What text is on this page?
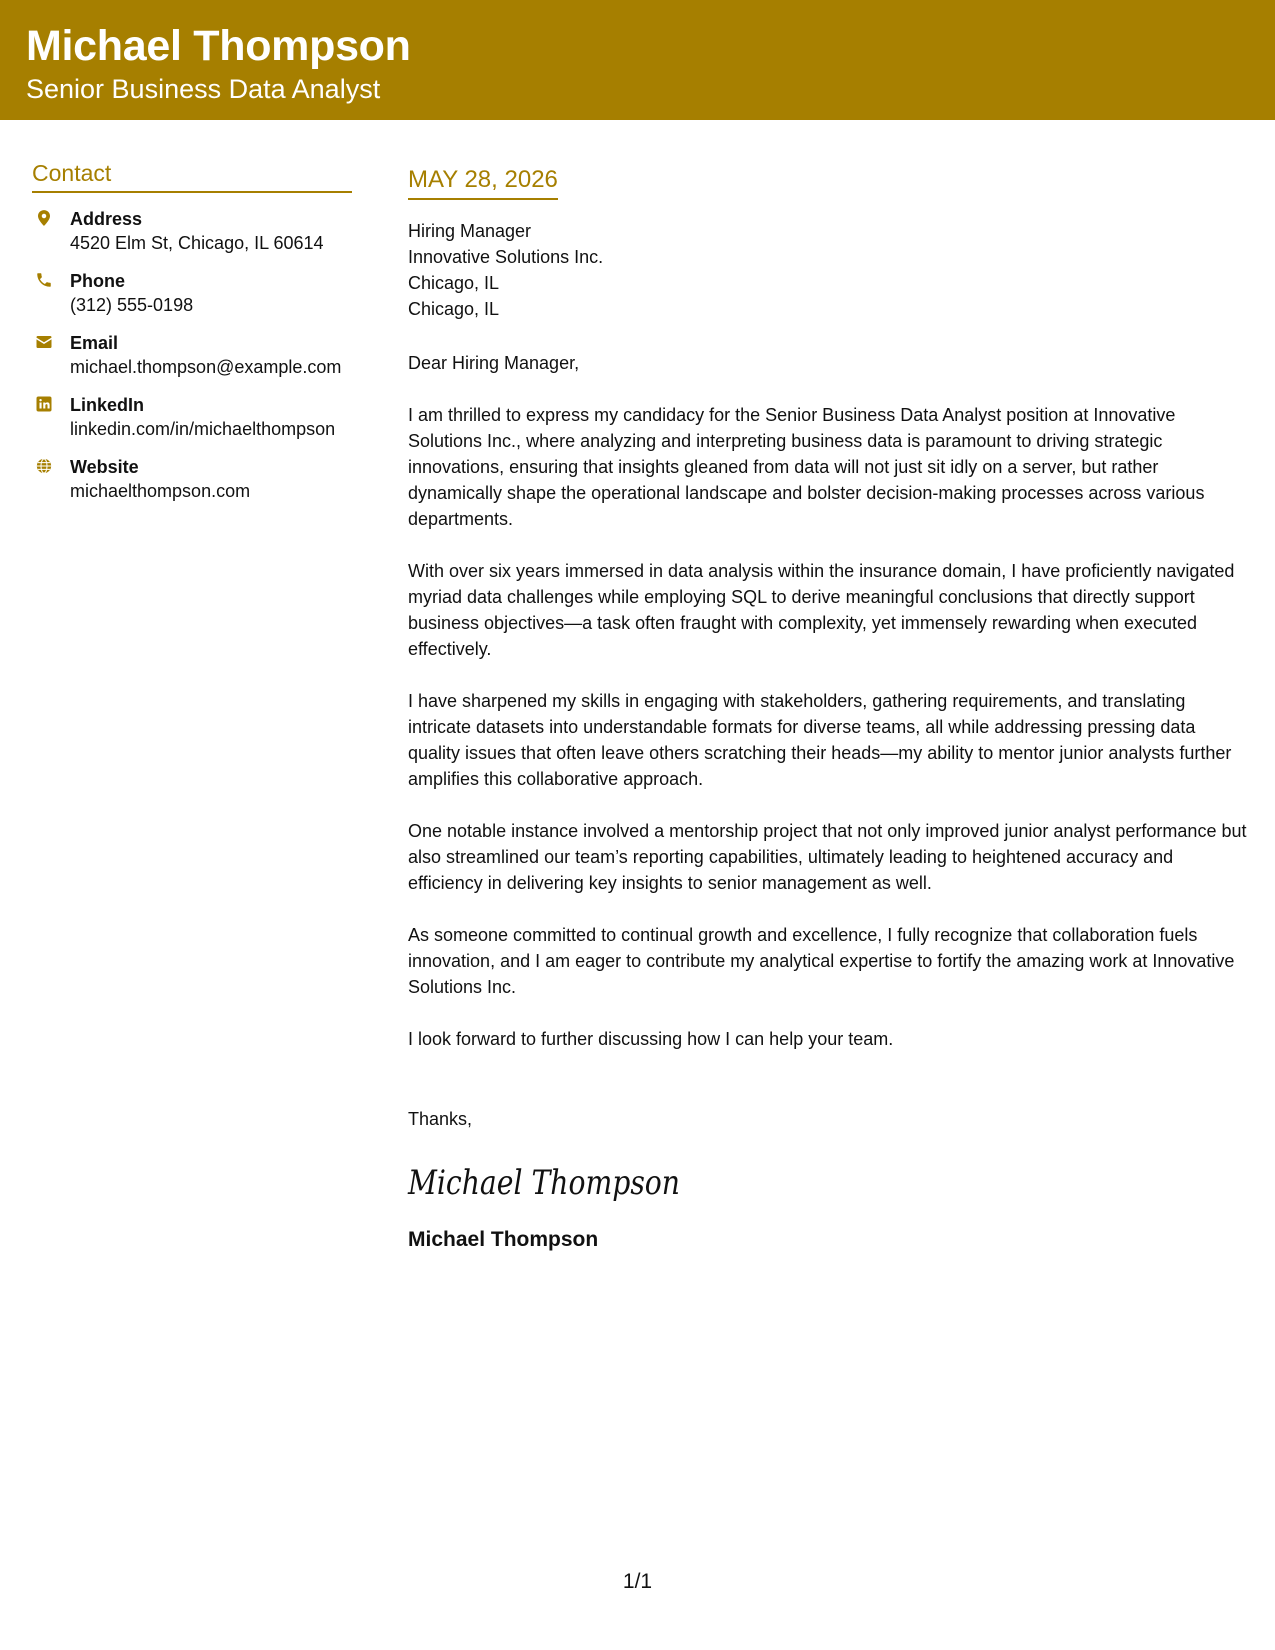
Michael Thompson
Senior Business Data Analyst
Contact
Address
4520 Elm St, Chicago, IL 60614
Phone
(312) 555-0198
Email
michael.thompson@example.com
LinkedIn
linkedin.com/in/michaelthompson
Website
michaelthompson.com
MAY 28, 2026
Hiring Manager
Innovative Solutions Inc.
Chicago, IL
Chicago, IL
Dear Hiring Manager,
I am thrilled to express my candidacy for the Senior Business Data Analyst position at Innovative Solutions Inc., where analyzing and interpreting business data is paramount to driving strategic innovations, ensuring that insights gleaned from data will not just sit idly on a server, but rather dynamically shape the operational landscape and bolster decision-making processes across various departments.
With over six years immersed in data analysis within the insurance domain, I have proficiently navigated myriad data challenges while employing SQL to derive meaningful conclusions that directly support business objectives—a task often fraught with complexity, yet immensely rewarding when executed effectively.
I have sharpened my skills in engaging with stakeholders, gathering requirements, and translating intricate datasets into understandable formats for diverse teams, all while addressing pressing data quality issues that often leave others scratching their heads—my ability to mentor junior analysts further amplifies this collaborative approach.
One notable instance involved a mentorship project that not only improved junior analyst performance but also streamlined our team’s reporting capabilities, ultimately leading to heightened accuracy and efficiency in delivering key insights to senior management as well.
As someone committed to continual growth and excellence, I fully recognize that collaboration fuels innovation, and I am eager to contribute my analytical expertise to fortify the amazing work at Innovative Solutions Inc.
I look forward to further discussing how I can help your team.
Thanks,
Michael Thompson
Michael Thompson
1/1
